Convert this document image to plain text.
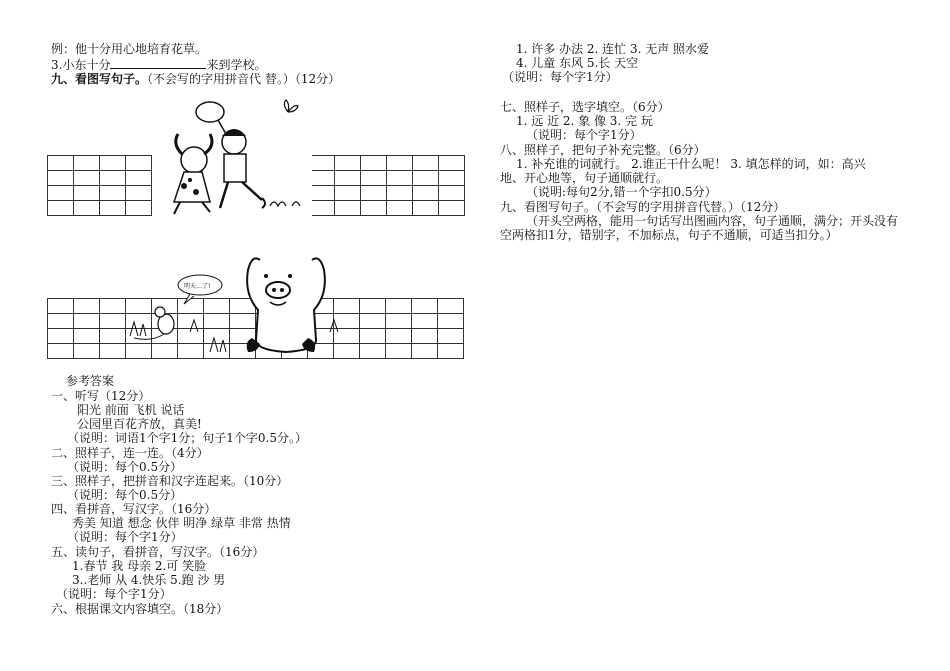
例：他十分用心地培育花草。
3.小东十分	来到学校。
九、看图写句子。（不会写的字用拼音代 替。）（12分）

明天…了!
参考答案
一、听写（12分）
阳光 前面 飞机 说话
公园里百花齐放，真美!
（说明：词语1个字1分；句子1个字0.5分。）
二、照样子，连一连。（4分）
（说明：每个0.5分）
三、照样子，把拼音和汉字连起来。（10分）
（说明：每个0.5分）
四、看拼音，写汉字。（16分）
秀美 知道 想念 伙伴 明净 绿草 非常 热情
（说明：每个字1分）
五、读句子，看拼音，写汉字。（16分）
1.春节 我 母亲 2.可 笑脸
3..老师 从 4.快乐 5.跑 沙 男
（说明：每个字1分）
六、根据课文内容填空。（18分）
1. 许多 办法 2. 连忙 3. 无声 照水爱
4. 儿童 东风 5.长 天空
（说明：每个字1分）
七、照样子，选字填空。（6分）
1. 远 近 2. 象 像 3. 完 玩
（说明：每个字1分）
八、照样子，把句子补充完整。（6分）
1. 补充谁的词就行。 2.谁正干什么呢！ 3. 填怎样的词，如：高兴
地、开心地等，句子通顺就行。
（说明:每句2分,错一个字扣0.5分）
九、看图写句子。（不会写的字用拼音代替。）（12分）
（开头空两格，能用一句话写出图画内容，句子通顺，满分；开头没有
空两格扣1分，错别字，不加标点，句子不通顺，可适当扣分。）
